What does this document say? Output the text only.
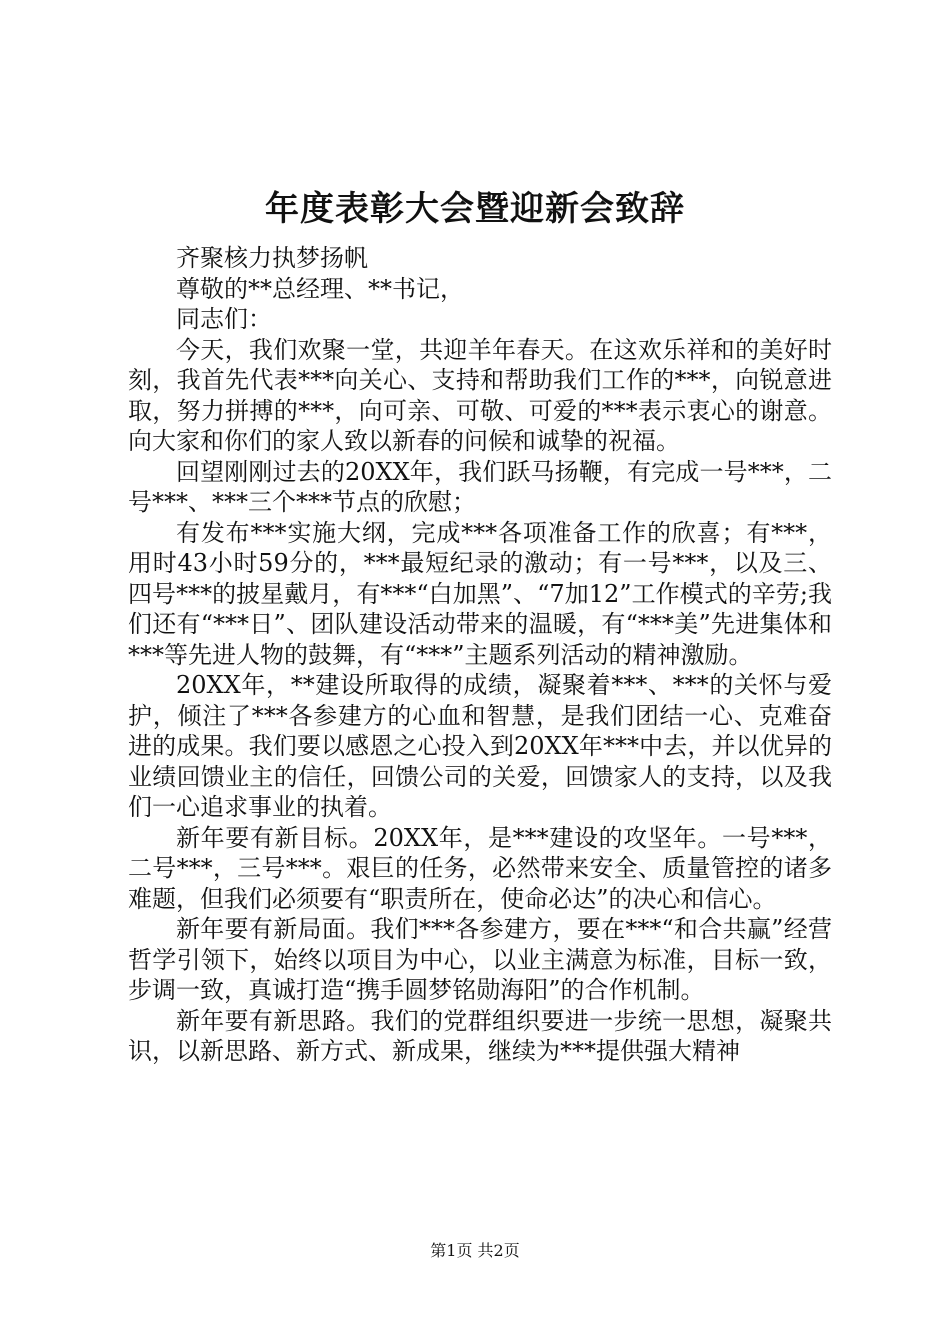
年度表彰大会暨迎新会致辞

齐聚核力执梦扬帆

尊敬的**总经理、**书记，

同志们：

今天，我们欢聚一堂，共迎羊年春天。在这欢乐祥和的美好时刻，我首先代表***向关心、支持和帮助我们工作的***，向锐意进取，努力拼搏的***，向可亲、可敬、可爱的***表示衷心的谢意。向大家和你们的家人致以新春的问候和诚挚的祝福。

回望刚刚过去的20XX年，我们跃马扬鞭，有完成一号***，二号***、***三个***节点的欣慰；

有发布***实施大纲，完成***各项准备工作的欣喜；有***，用时43小时59分的，***最短纪录的激动；有一号***，以及三、四号***的披星戴月，有***“白加黑”、“7加12”工作模式的辛劳;我们还有“***日”、团队建设活动带来的温暖，有“***美”先进集体和***等先进人物的鼓舞，有“***”主题系列活动的精神激励。

20XX年，**建设所取得的成绩，凝聚着***、***的关怀与爱护，倾注了***各参建方的心血和智慧，是我们团结一心、克难奋进的成果。我们要以感恩之心投入到20XX年***中去，并以优异的业绩回馈业主的信任，回馈公司的关爱，回馈家人的支持，以及我们一心追求事业的执着。

新年要有新目标。20XX年，是***建设的攻坚年。一号***，二号***，三号***。艰巨的任务，必然带来安全、质量管控的诸多难题，但我们必须要有“职责所在，使命必达”的决心和信心。

新年要有新局面。我们***各参建方，要在***“和合共赢”经营哲学引领下，始终以项目为中心，以业主满意为标准，目标一致，步调一致，真诚打造“携手圆梦铭勋海阳”的合作机制。

新年要有新思路。我们的党群组织要进一步统一思想，凝聚共识，以新思路、新方式、新成果，继续为***提供强大精神

第1页 共2页
